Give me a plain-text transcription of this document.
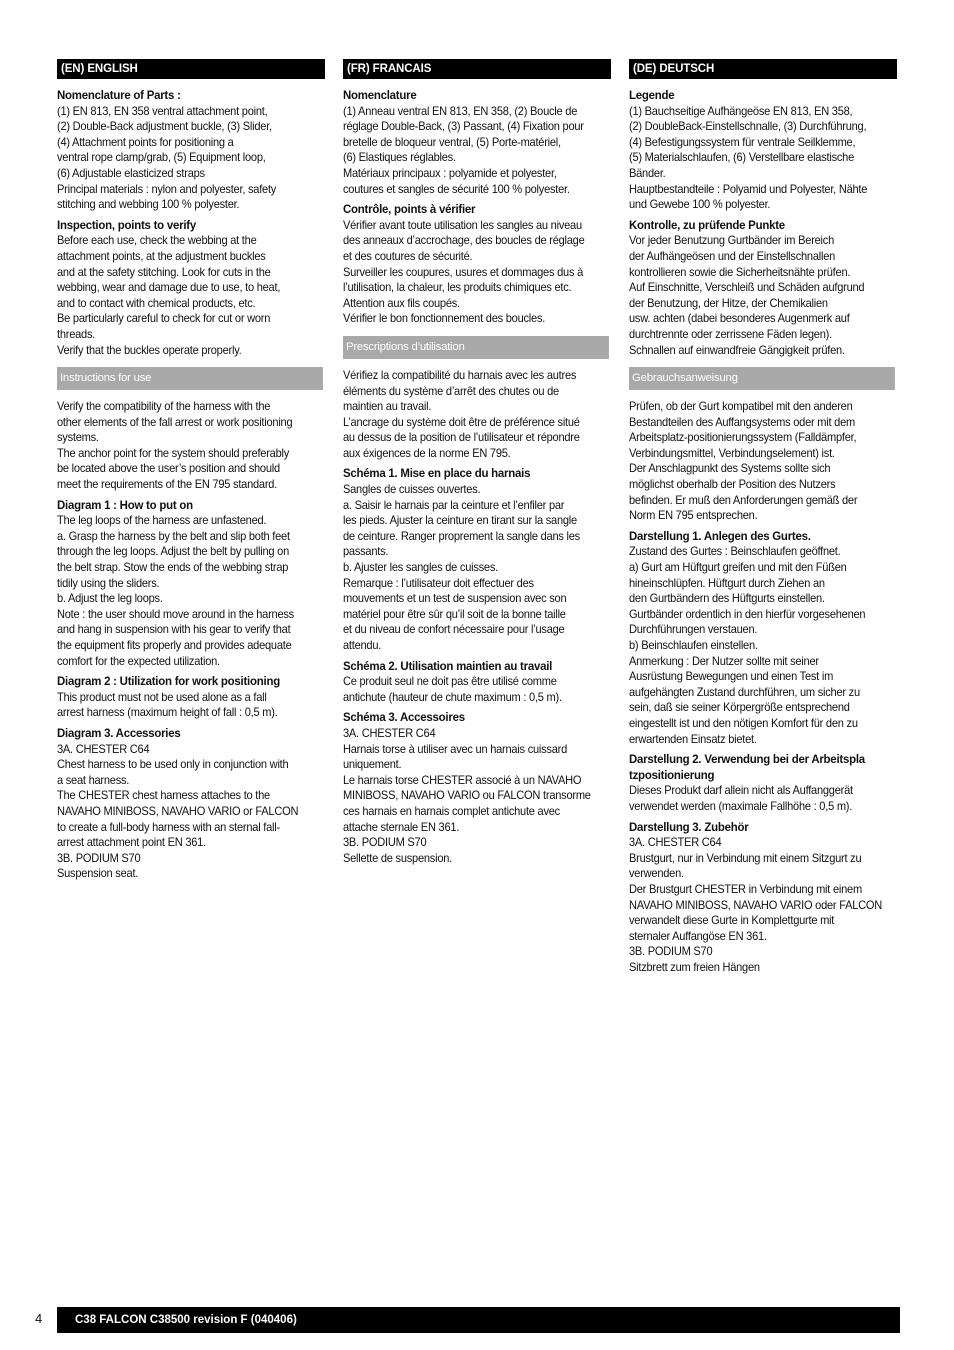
(EN) ENGLISH
Nomenclature of Parts :

(1) EN 813, EN 358 ventral attachment point,
(2) Double-Back adjustment buckle, (3) Slider,
(4) Attachment points for positioning a
ventral rope clamp/grab, (5) Equipment loop,
(6) Adjustable elasticized straps
Principal materials : nylon and polyester, safety
stitching and webbing 100 % polyester.

Inspection, points to verify

Before each use, check the webbing at the
attachment points, at the adjustment buckles
and at the safety stitching. Look for cuts in the
webbing, wear and damage due to use, to heat,
and to contact with chemical products, etc.
Be particularly careful to check for cut or worn
threads.
Verify that the buckles operate properly.

Instructions for use

Verify the compatibility of the harness with the
other elements of the fall arrest or work positioning
systems.
The anchor point for the system should preferably
be located above the user’s position and should
meet the requirements of the EN 795 standard.

Diagram 1 : How to put on

The leg loops of the harness are unfastened.
a. Grasp the harness by the belt and slip both feet
through the leg loops. Adjust the belt by pulling on
the belt strap. Stow the ends of the webbing strap
tidily using the sliders.
b. Adjust the leg loops.
Note : the user should move around in the harness
and hang in suspension with his gear to verify that
the equipment fits properly and provides adequate
comfort for the expected utilization.

Diagram 2 : Utilization for work positioning

This product must not be used alone as a fall
arrest harness (maximum height of fall : 0,5 m).

Diagram 3. Accessories

3A. CHESTER C64
Chest harness to be used only in conjunction with
a seat harness.
The CHESTER chest harness attaches to the
NAVAHO MINIBOSS, NAVAHO VARIO or FALCON
to create a full-body harness with an sternal fall-
arrest attachment point EN 361.
3B. PODIUM S70
Suspension seat.

(FR) FRANCAIS
Nomenclature

(1) Anneau ventral EN 813, EN 358, (2) Boucle de
réglage Double-Back, (3) Passant, (4) Fixation pour
bretelle de bloqueur ventral, (5) Porte-matériel,
(6) Elastiques réglables.
Matériaux principaux : polyamide et polyester,
coutures et sangles de sécurité 100 % polyester.

Contrôle, points à vérifier

Vérifier avant toute utilisation les sangles au niveau
des anneaux d’accrochage, des boucles de réglage
et des coutures de sécurité.
Surveiller les coupures, usures et dommages dus à
l’utilisation, la chaleur, les produits chimiques etc.
Attention aux fils coupés.
Vérifier le bon fonctionnement des boucles.

Prescriptions d’utilisation

Vérifiez la compatibilité du harnais avec les autres
éléments du système d’arrêt des chutes ou de
maintien au travail.
L’ancrage du système doit être de préférence situé
au dessus de la position de l’utilisateur et répondre
aux éxigences de la norme EN 795.

Schéma 1. Mise en place du harnais

Sangles de cuisses ouvertes.
a. Saisir le harnais par la ceinture et l’enfiler par
les pieds. Ajuster la ceinture en tirant sur la sangle
de ceinture. Ranger proprement la sangle dans les
passants.
b. Ajuster les sangles de cuisses.
Remarque : l’utilisateur doit effectuer des
mouvements et un test de suspension avec son
matériel pour être sûr qu’il soit de la bonne taille
et du niveau de confort nécessaire pour l’usage
attendu.

Schéma 2. Utilisation maintien au travail

Ce produit seul ne doit pas être utilisé comme
antichute (hauteur de chute maximum : 0,5 m).

Schéma 3. Accessoires

3A. CHESTER C64
Harnais torse à utiliser avec un harnais cuissard
uniquement.
Le harnais torse CHESTER associé à un NAVAHO
MINIBOSS, NAVAHO VARIO ou FALCON transorme
ces harnais en harnais complet antichute avec
attache sternale EN 361.
3B. PODIUM S70
Sellette de suspension.

(DE) DEUTSCH
Legende

(1) Bauchseitige Aufhängeöse EN 813, EN 358,
(2) DoubleBack-Einstellschnalle, (3) Durchführung,
(4) Befestigungssystem für ventrale Seilklemme,
(5) Materialschlaufen, (6) Verstellbare elastische
Bänder.
Hauptbestandteile : Polyamid und Polyester, Nähte
und Gewebe 100 % polyester.

Kontrolle, zu prüfende Punkte

Vor jeder Benutzung Gurtbänder im Bereich
der Aufhängeösen und der Einstellschnallen
kontrollieren sowie die Sicherheitsnähte prüfen.
Auf Einschnitte, Verschleiß und Schäden aufgrund
der Benutzung, der Hitze, der Chemikalien
usw. achten (dabei besonderes Augenmerk auf
durchtrennte oder zerrissene Fäden legen).
Schnallen auf einwandfreie Gängigkeit prüfen.

Gebrauchsanweisung

Prüfen, ob der Gurt kompatibel mit den anderen
Bestandteilen des Auffangsystems oder mit dem
Arbeitsplatz-positionierungssystem (Falldämpfer,
Verbindungsmittel, Verbindungselement) ist.
Der Anschlagpunkt des Systems sollte sich
möglichst oberhalb der Position des Nutzers
befinden. Er muß den Anforderungen gemäß der
Norm EN 795 entsprechen.

Darstellung 1. Anlegen des Gurtes.

Zustand des Gurtes : Beinschlaufen geöffnet.
a) Gurt am Hüftgurt greifen und mit den Füßen
hineinschlüpfen. Hüftgurt durch Ziehen an
den Gurtbändern des Hüftgurts einstellen.
Gurtbänder ordentlich in den hierfür vorgesehenen
Durchführungen verstauen.
b) Beinschlaufen einstellen.
Anmerkung : Der Nutzer sollte mit seiner
Ausrüstung Bewegungen und einen Test im
aufgehängten Zustand durchführen, um sicher zu
sein, daß sie seiner Körpergröße entsprechend
eingestellt ist und den nötigen Komfort für den zu
erwartenden Einsatz bietet.

Darstellung 2. Verwendung bei der Arbeitspla
tzpositionierung

Dieses Produkt darf allein nicht als Auffanggerät
verwendet werden (maximale Fallhöhe : 0,5 m).

Darstellung 3. Zubehör

3A. CHESTER C64
Brustgurt, nur in Verbindung mit einem Sitzgurt zu
verwenden.
Der Brustgurt CHESTER in Verbindung mit einem
NAVAHO MINIBOSS, NAVAHO VARIO oder FALCON
verwandelt diese Gurte in Komplettgurte mit
sternaler Auffangöse EN 361.
3B. PODIUM S70
Sitzbrett zum freien Hängen

4	C38 FALCON C38500 revision F (040406)
